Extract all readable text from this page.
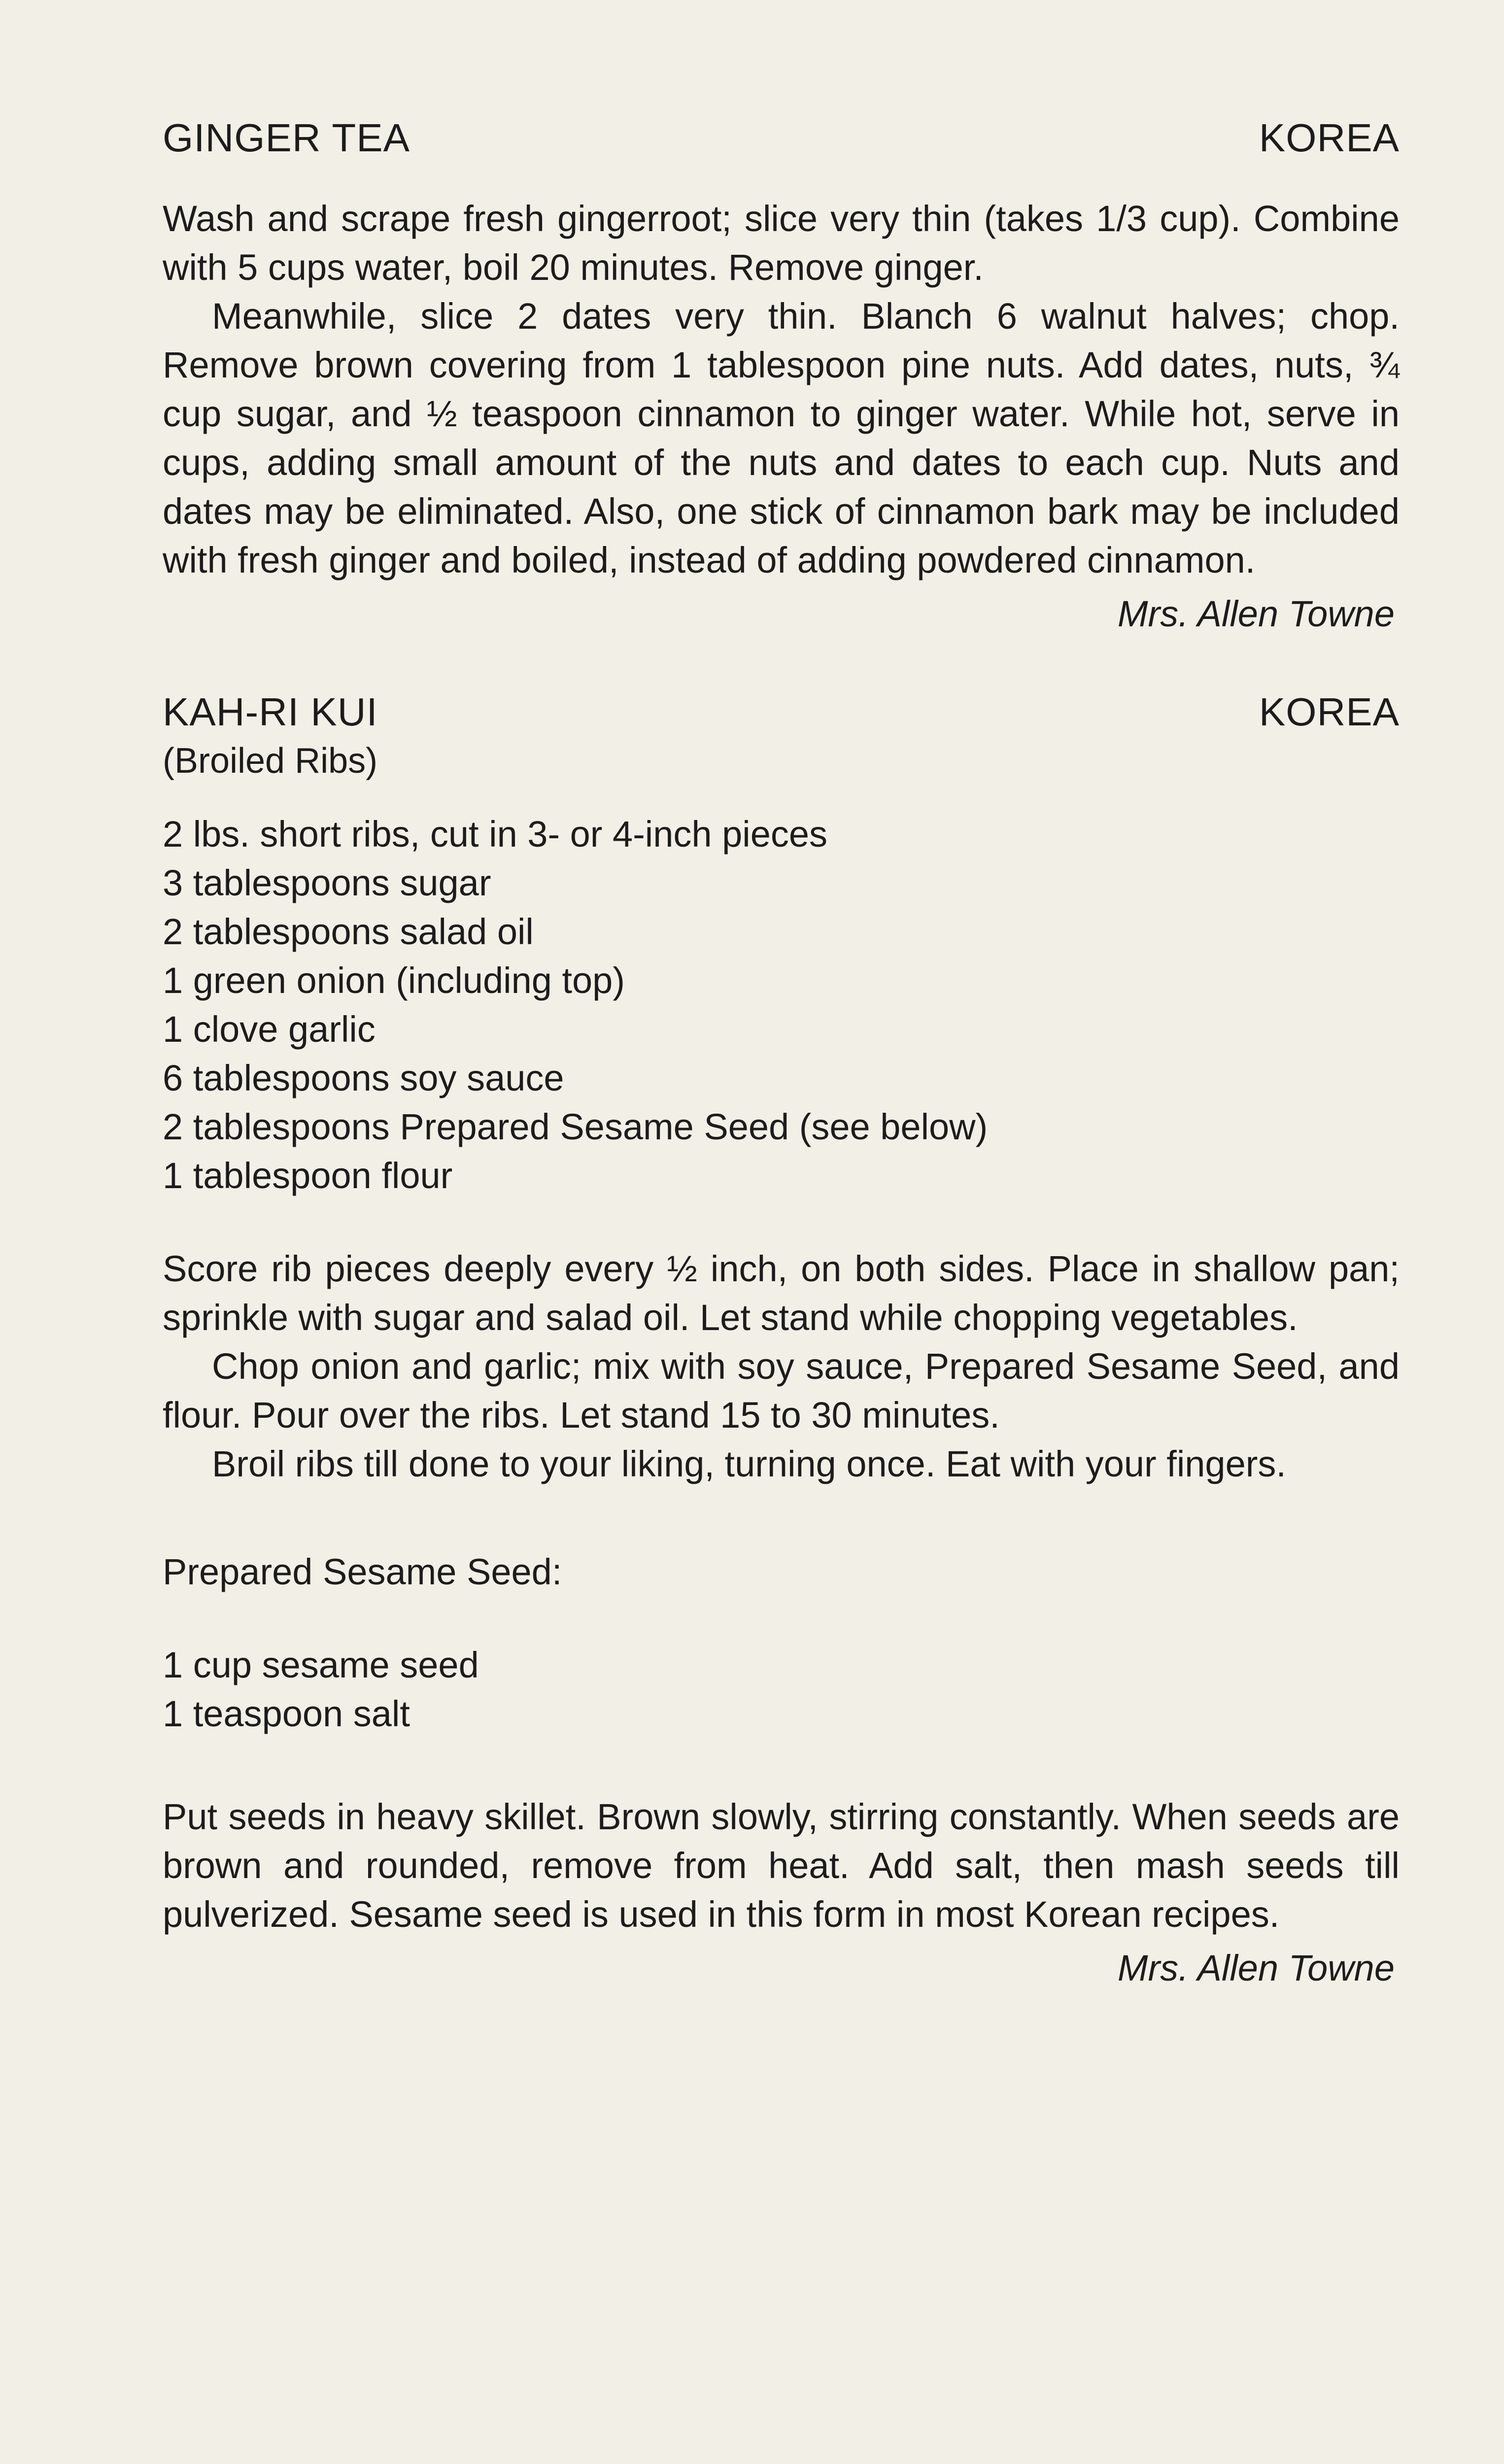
GINGER TEA	KOREA

Wash and scrape fresh gingerroot; slice very thin (takes 1/3 cup). Combine with 5 cups water, boil 20 minutes. Remove ginger.

Meanwhile, slice 2 dates very thin. Blanch 6 walnut halves; chop. Remove brown covering from 1 tablespoon pine nuts. Add dates, nuts, ¾ cup sugar, and ½ teaspoon cinnamon to ginger water. While hot, serve in cups, adding small amount of the nuts and dates to each cup. Nuts and dates may be eliminated. Also, one stick of cinnamon bark may be included with fresh ginger and boiled, instead of adding powdered cinnamon.

Mrs. Allen Towne
KAH-RI KUI	KOREA
(Broiled Ribs)
2 lbs. short ribs, cut in 3- or 4-inch pieces
3 tablespoons sugar
2 tablespoons salad oil
1 green onion (including top)
1 clove garlic
6 tablespoons soy sauce
2 tablespoons Prepared Sesame Seed (see below)
1 tablespoon flour

Score rib pieces deeply every ½ inch, on both sides. Place in shallow pan; sprinkle with sugar and salad oil. Let stand while chopping vegetables.

Chop onion and garlic; mix with soy sauce, Prepared Sesame Seed, and flour. Pour over the ribs. Let stand 15 to 30 minutes.

Broil ribs till done to your liking, turning once. Eat with your fingers.

Prepared Sesame Seed:
1 cup sesame seed
1 teaspoon salt

Put seeds in heavy skillet. Brown slowly, stirring constantly. When seeds are brown and rounded, remove from heat. Add salt, then mash seeds till pulverized. Sesame seed is used in this form in most Korean recipes.

Mrs. Allen Towne
